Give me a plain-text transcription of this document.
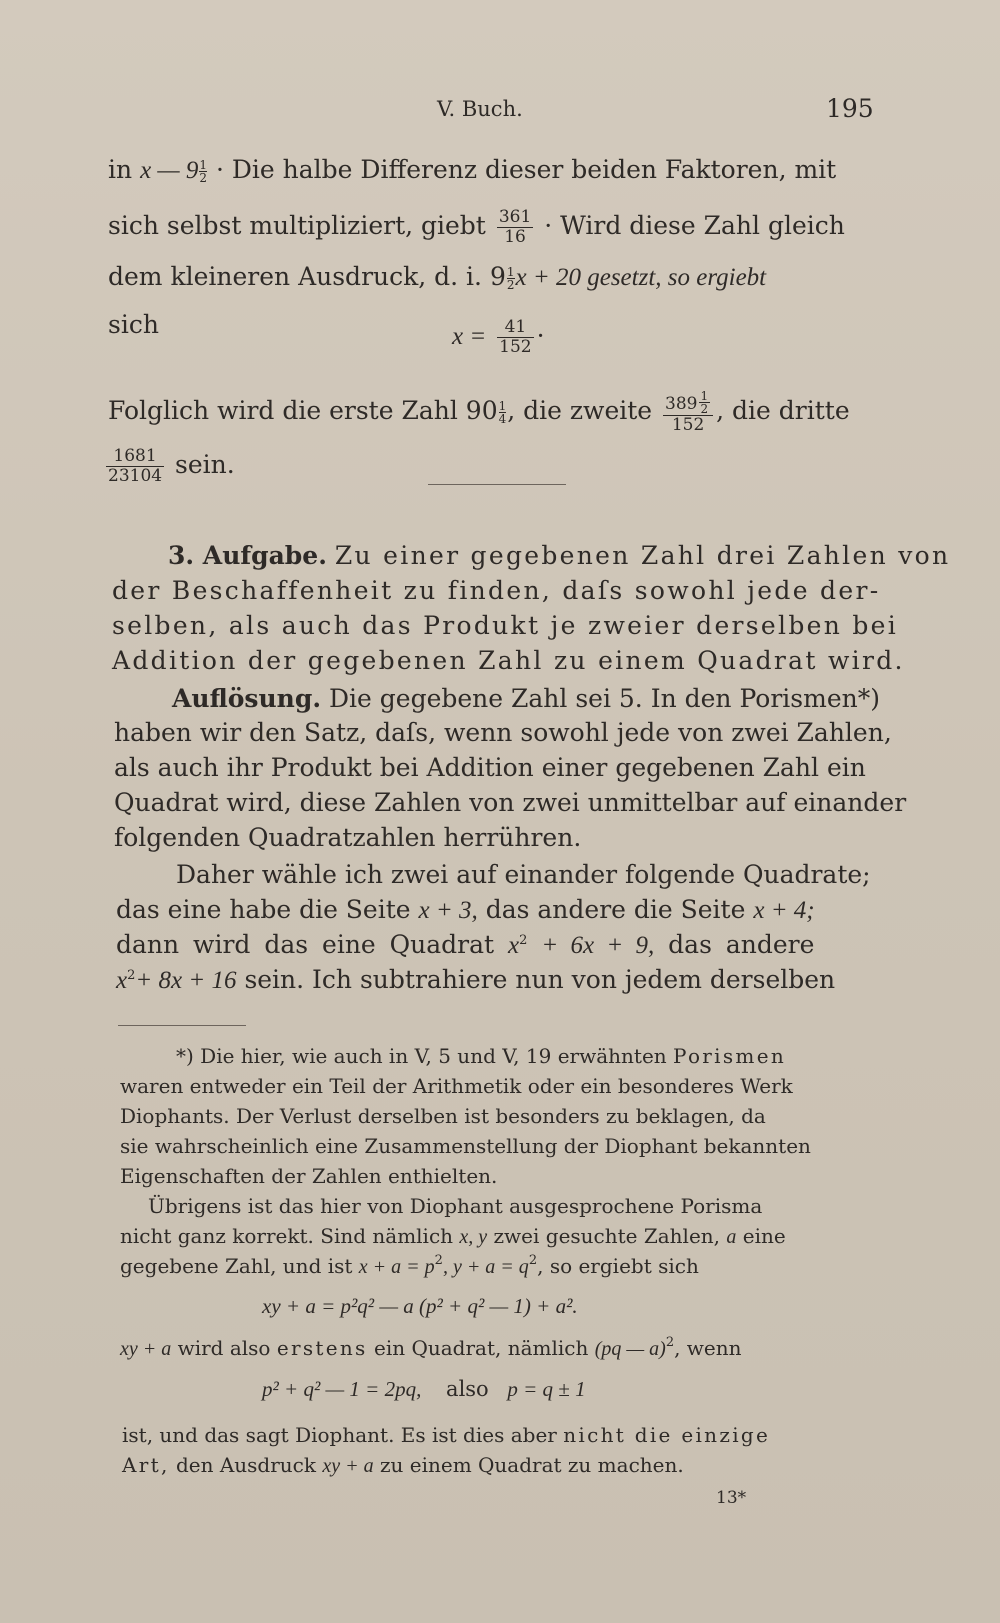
V. Buch.	195
in x — $9 \frac{1}{2}$ · Die halbe Differenz dieser beiden Faktoren, mit
sich selbst multipliziert, giebt $\frac{361}{16}$ · Wird diese Zahl gleich
dem kleineren Ausdruck, d. i. $9 \frac{1}{2}$ x + 20 gesetzt, so ergiebt
sich	$x = \frac{41}{152}$ ·
Folglich wird die erste Zahl $90 \frac{1}{4}$ , die zweite $\frac{389 \frac{1}{2}}{152}$ , die dritte
$\frac{1681}{23104}$ sein.
3. Aufgabe. Zu einer gegebenen Zahl drei Zahlen von
der Beschaffenheit zu finden, daſs sowohl jede der-
selben, als auch das Produkt je zweier derselben bei
Addition der gegebenen Zahl zu einem Quadrat wird.
Auflösung. Die gegebene Zahl sei 5. In den Porismen*)
haben wir den Satz, daſs, wenn sowohl jede von zwei Zahlen,
als auch ihr Produkt bei Addition einer gegebenen Zahl ein
Quadrat wird, diese Zahlen von zwei unmittelbar auf einander
folgenden Quadratzahlen herrühren.
Daher wähle ich zwei auf einander folgende Quadrate;
das eine habe die Seite x + 3, das andere die Seite x + 4;
dann wird das eine Quadrat $x^2 + 6x + 9$, das andere
$x^2+ 8x + 16$ sein. Ich subtrahiere nun von jedem derselben
*) Die hier, wie auch in V, 5 und V, 19 erwähnten Porismen
waren entweder ein Teil der Arithmetik oder ein besonderes Werk
Diophants. Der Verlust derselben ist besonders zu beklagen, da
sie wahrscheinlich eine Zusammenstellung der Diophant bekannten
Eigenschaften der Zahlen enthielten.
Übrigens ist das hier von Diophant ausgesprochene Porisma
nicht ganz korrekt. Sind nämlich x, y zwei gesuchte Zahlen, a eine
gegebene Zahl, und ist $x + a = p^2$, $y + a = q^2$, so ergiebt sich
xy + a = p²q² — a (p² + q² — 1) + a².
xy + a wird also erstens ein Quadrat, nämlich (pq — a)$^2$, wenn
p² + q² — 1 = 2pq, also p = q ± 1
ist, und das sagt Diophant. Es ist dies aber nicht die einzige
Art, den Ausdruck xy + a zu einem Quadrat zu machen.
13*
